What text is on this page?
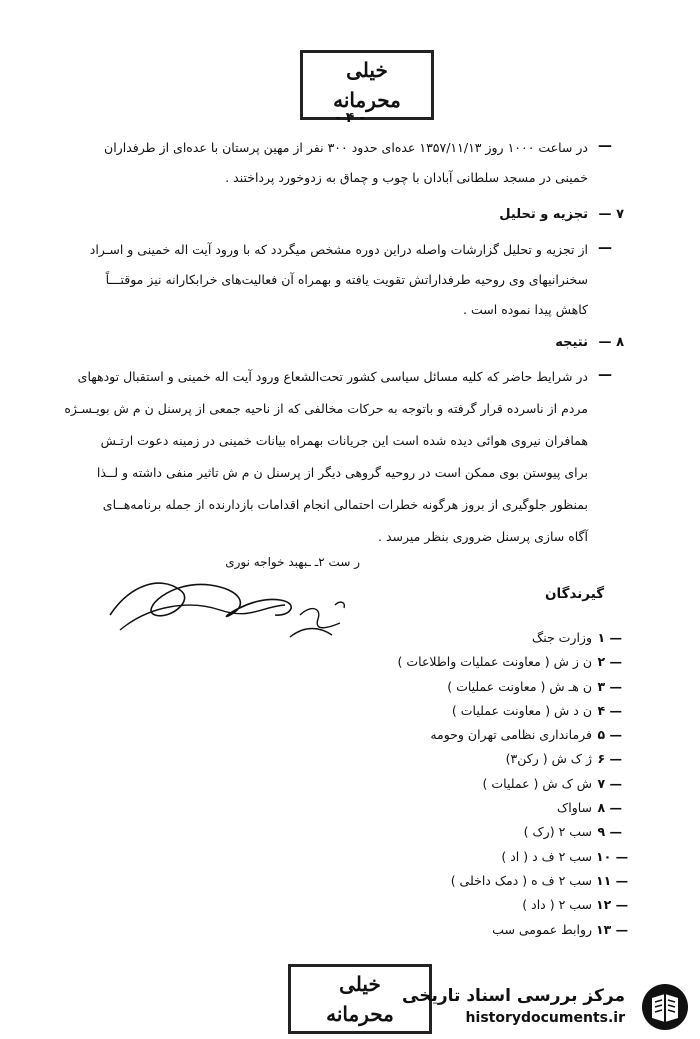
خیلی محرمانه
- ۴ -
—
در ساعت ۱۰۰۰ روز ۱۳۵۷/۱۱/۱۳ عده‌ای حدود ۳۰۰ نفر از مهین پرستان با عده‌ای از طرفداران
خمینی در مسجد سلطانی آبادان با چوب و چماق به زدوخورد پرداختند .
۷ —
تجزیه و تحلیل
—
از تجزیه و تحلیل گزارشات واصله دراین دوره مشخص میگردد که با ورود آیت اله خمینی و اسـراد
سخنرانیهای وی روحیه طرفداراتش تقویت یافته و بهمراه آن فعالیت‌های خرابکارانه نیز موقتـــاً
کاهش پیدا نموده است .
۸ —
نتیجه
—
در شرایط حاضر که کلیه مسائل سیاسی کشور تحت‌الشعاع ورود آیت اله خمینی و استقبال تودههای
مردم از ناسرده قرار گرفته و باتوجه به حرکات مخالفی که از ناحیه جمعی از پرسنل ن م ش بویـسـژه
همافران نیروی هوائی دیده شده است این جریانات بهمراه بیانات خمینی در زمینه دعوت ارتـش
برای پیوستن بوی ممکن است در روحیه گروهی دیگر از پرسنل ن م ش تاثیر منفی داشته و لــذا
بمنظور جلوگیری از بروز هرگونه خطرات احتمالی انجام اقدامات بازدارنده از جمله برنامه‌هــای
آگاه سازی پرسنل ضروری بنظر میرسد .
ر ست ۲ـ ـبهبد خواجه نوری
گیرندگان
۱ — وزارت جنگ
۲ — ن ز ش ( معاونت عملیات واطلاعات )
۳ — ن هـ ش ( معاونت عملیات )
۴ — ن د ش ( معاونت عملیات )
۵ — فرمانداری نظامی تهران وحومه
۶ — ژ ک ش ( رکن۳)
۷ — ش ک ش ( عملیات )
۸ — ساواک
۹ — سب ۲ (رک )
۱۰ — سب ۲ ف د ( اد )
۱۱ — سب ۲ ف ه ( دمک داخلی )
۱۲ — سب ۲ ( داد )
۱۳ — روابط عمومی سب
خیلی محرمانه
مرکز بررسی اسناد تاریخی
historydocuments.ir
